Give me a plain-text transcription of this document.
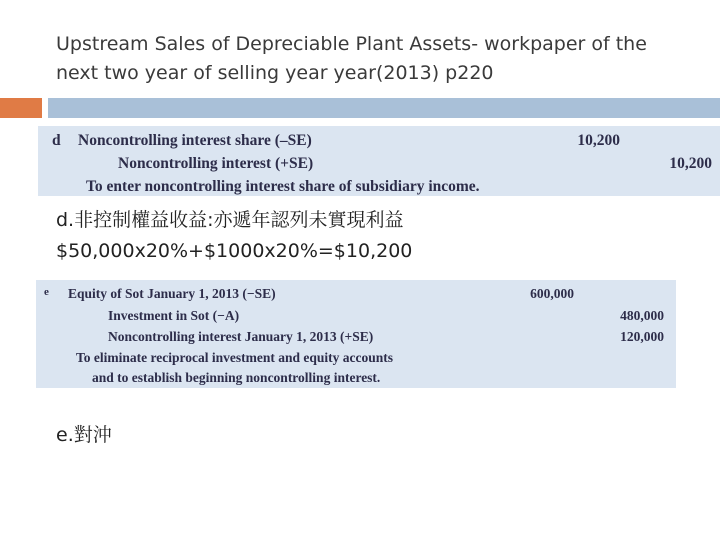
Upstream Sales of Depreciable Plant Assets- workpaper of the
next two year of selling year year(2013) p220
d Noncontrolling interest share (–SE)	10,200
Noncontrolling interest (+SE)	10,200
To enter noncontrolling interest share of subsidiary income.
d.非控制權益收益:亦遞年認列未實現利益
$50,000x20%+$1000x20%=$10,200
e Equity of Sot January 1, 2013 (−SE)	600,000
Investment in Sot (−A)	480,000
Noncontrolling interest January 1, 2013 (+SE)	120,000
To eliminate reciprocal investment and equity accounts
and to establish beginning noncontrolling interest.
e.對沖
